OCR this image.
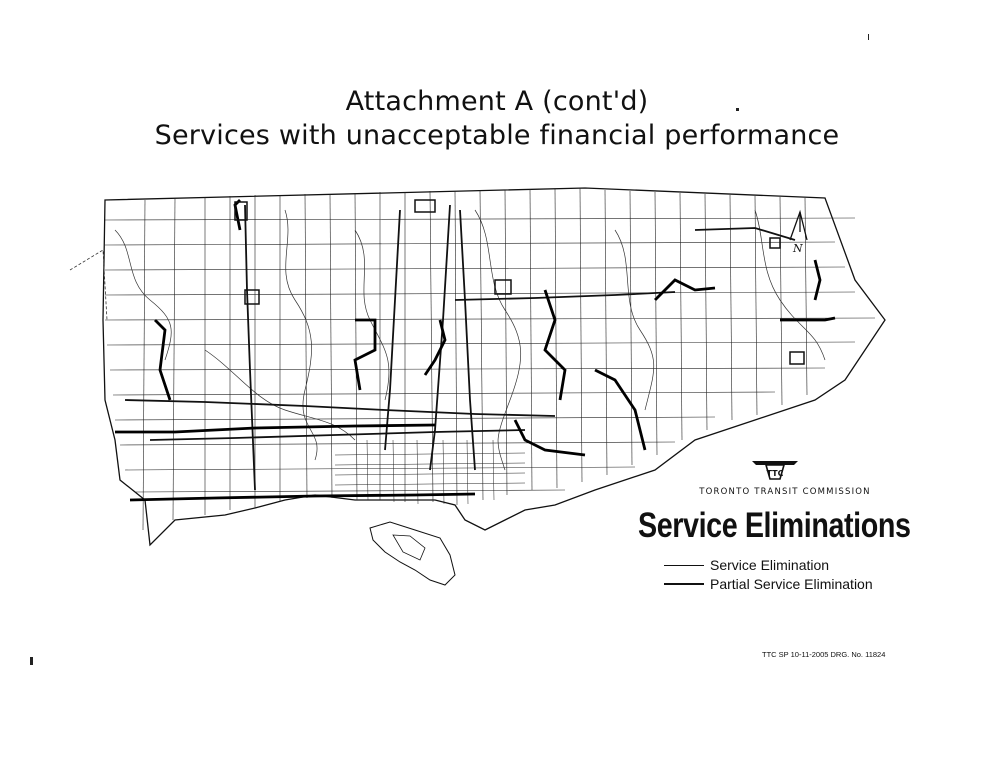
Attachment A (cont'd)
Services with unacceptable financial performance
N
TTC
TORONTO TRANSIT COMMISSION
Service Eliminations
Service Elimination
Partial Service Elimination
TTC SP 10-11-2005 DRG. No. 11824
